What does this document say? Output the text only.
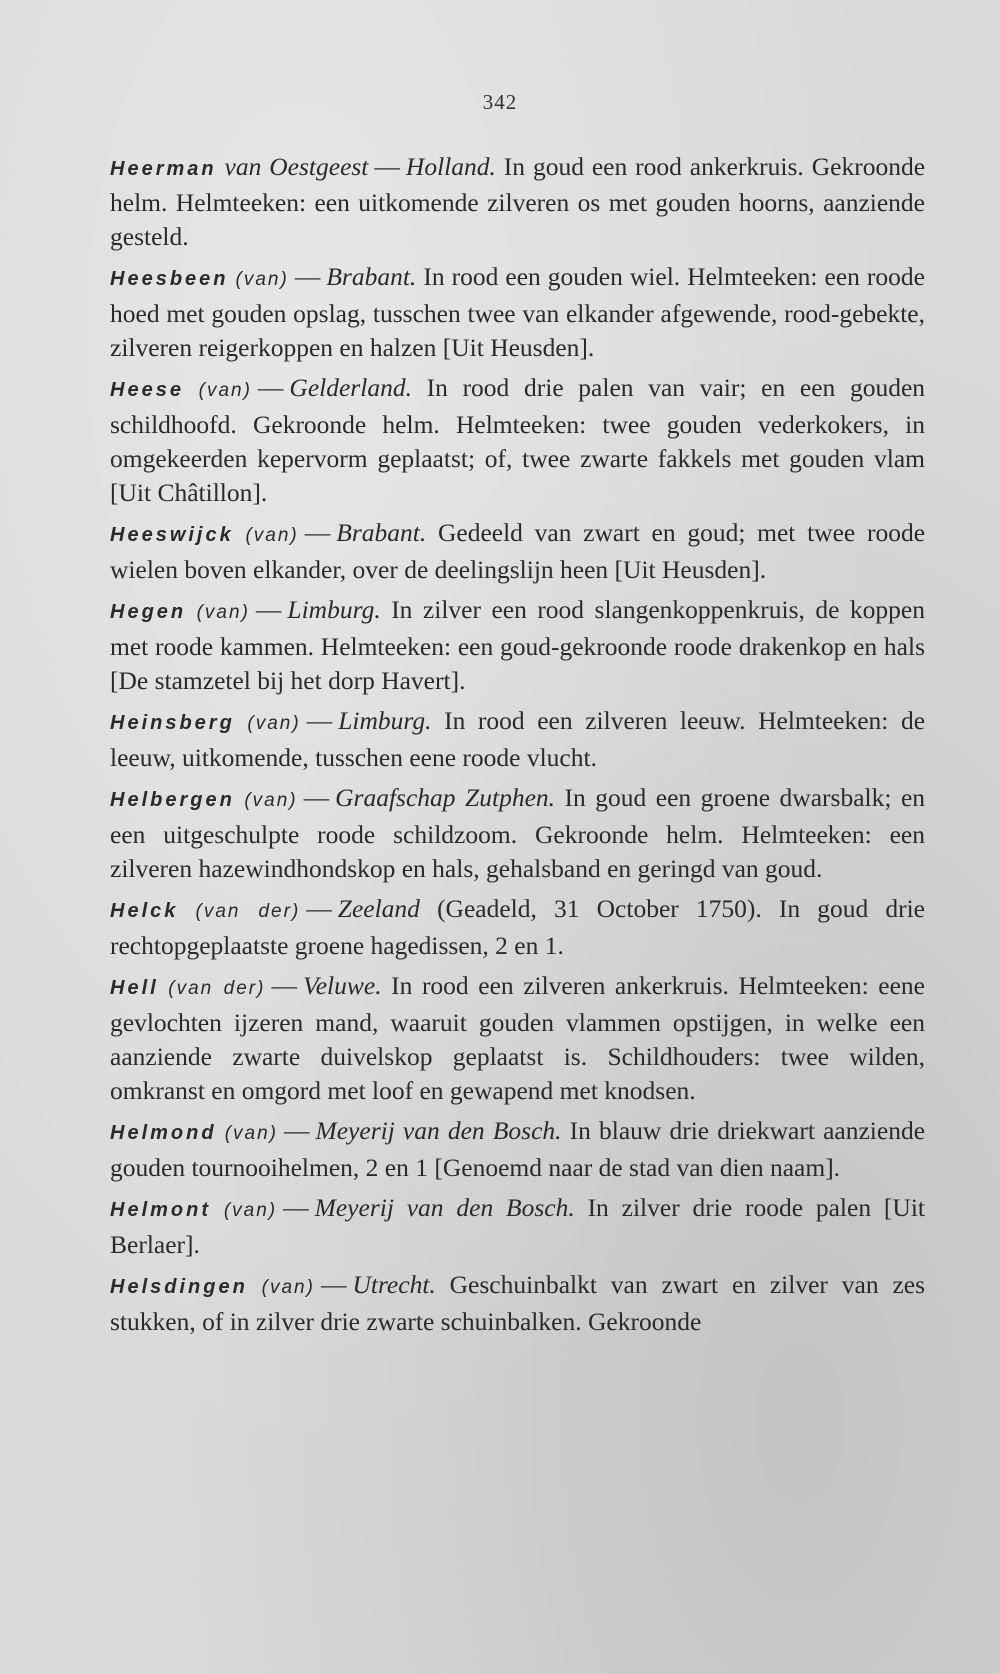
342

Heerman van Oestgeest — Holland. In goud een rood ankerkruis. Gekroonde helm. Helmteeken: een uitkomende zilveren os met gouden hoorns, aanziende gesteld.

Heesbeen (van) — Brabant. In rood een gouden wiel. Helmteeken: een roode hoed met gouden opslag, tusschen twee van elkander afgewende, rood-gebekte, zilveren reigerkoppen en halzen [Uit Heusden].

Heese (van) — Gelderland. In rood drie palen van vair; en een gouden schildhoofd. Gekroonde helm. Helmteeken: twee gouden vederkokers, in omgekeerden kepervorm geplaatst; of, twee zwarte fakkels met gouden vlam [Uit Châtillon].

Heeswijck (van) — Brabant. Gedeeld van zwart en goud; met twee roode wielen boven elkander, over de deelingslijn heen [Uit Heusden].

Hegen (van) — Limburg. In zilver een rood slangenkoppenkruis, de koppen met roode kammen. Helmteeken: een goud-gekroonde roode drakenkop en hals [De stamzetel bij het dorp Havert].

Heinsberg (van) — Limburg. In rood een zilveren leeuw. Helmteeken: de leeuw, uitkomende, tusschen eene roode vlucht.

Helbergen (van) — Graafschap Zutphen. In goud een groene dwarsbalk; en een uitgeschulpte roode schildzoom. Gekroonde helm. Helmteeken: een zilveren hazewindhondskop en hals, gehalsband en geringd van goud.

Helck (van der) — Zeeland (Geadeld, 31 October 1750). In goud drie rechtopgeplaatste groene hagedissen, 2 en 1.

Hell (van der) — Veluwe. In rood een zilveren ankerkruis. Helmteeken: eene gevlochten ijzeren mand, waaruit gouden vlammen opstijgen, in welke een aanziende zwarte duivelskop geplaatst is. Schildhouders: twee wilden, omkranst en omgord met loof en gewapend met knodsen.

Helmond (van) — Meyerij van den Bosch. In blauw drie driekwart aanziende gouden tournooihelmen, 2 en 1 [Genoemd naar de stad van dien naam].

Helmont (van) — Meyerij van den Bosch. In zilver drie roode palen [Uit Berlaer].

Helsdingen (van) — Utrecht. Geschuinbalkt van zwart en zilver van zes stukken, of in zilver drie zwarte schuinbalken. Gekroonde
